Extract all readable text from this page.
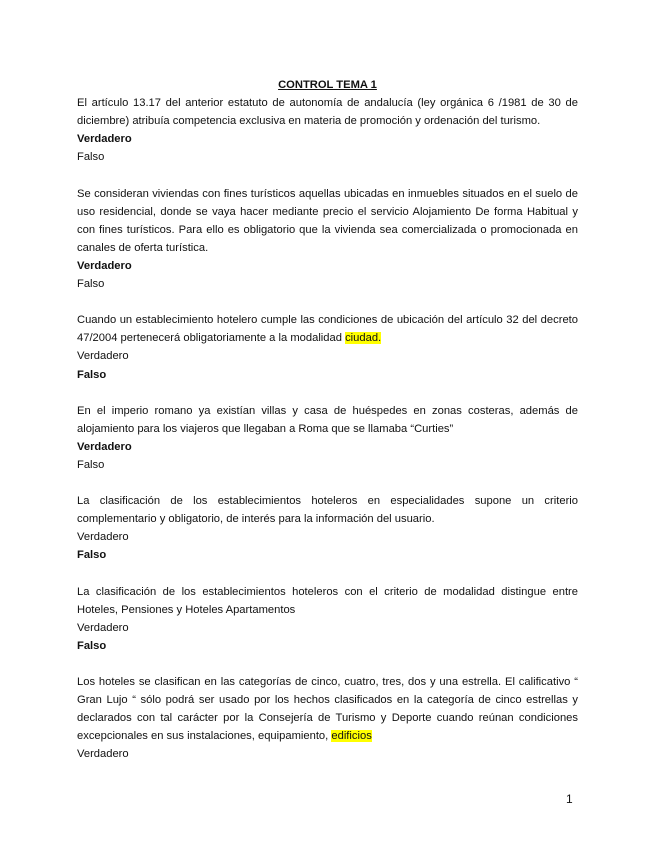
CONTROL TEMA 1
El artículo 13.17 del anterior estatuto de autonomía de andalucía (ley orgánica 6 /1981 de 30 de diciembre) atribuía competencia exclusiva en materia de promoción y ordenación del turismo.
Verdadero
Falso
Se consideran viviendas con fines turísticos aquellas ubicadas en inmuebles situados en el suelo de uso residencial, donde se vaya hacer mediante precio el servicio Alojamiento De forma Habitual y con fines turísticos. Para ello es obligatorio que la vivienda sea comercializada o promocionada en canales de oferta turística.
Verdadero
Falso
Cuando un establecimiento hotelero cumple las condiciones de ubicación del artículo 32 del decreto 47/2004 pertenecerá obligatoriamente a la modalidad ciudad.
Verdadero
Falso
En el imperio romano ya existían villas y casa de huéspedes en zonas costeras, además de alojamiento para los viajeros que llegaban a Roma que se llamaba “Curties”
Verdadero
Falso
La clasificación de los establecimientos hoteleros en especialidades supone un criterio complementario y obligatorio, de interés para la información del usuario.
Verdadero
Falso
La clasificación de los establecimientos hoteleros con el criterio de modalidad distingue entre Hoteles, Pensiones y Hoteles Apartamentos
Verdadero
Falso
Los hoteles se clasifican en las categorías de cinco, cuatro, tres, dos y una estrella. El calificativo “ Gran Lujo “ sólo podrá ser usado por los hechos clasificados en la categoría de cinco estrellas y declarados con tal carácter por la Consejería de Turismo y Deporte cuando reúnan condiciones excepcionales en sus instalaciones, equipamiento, edificios
Verdadero
1
